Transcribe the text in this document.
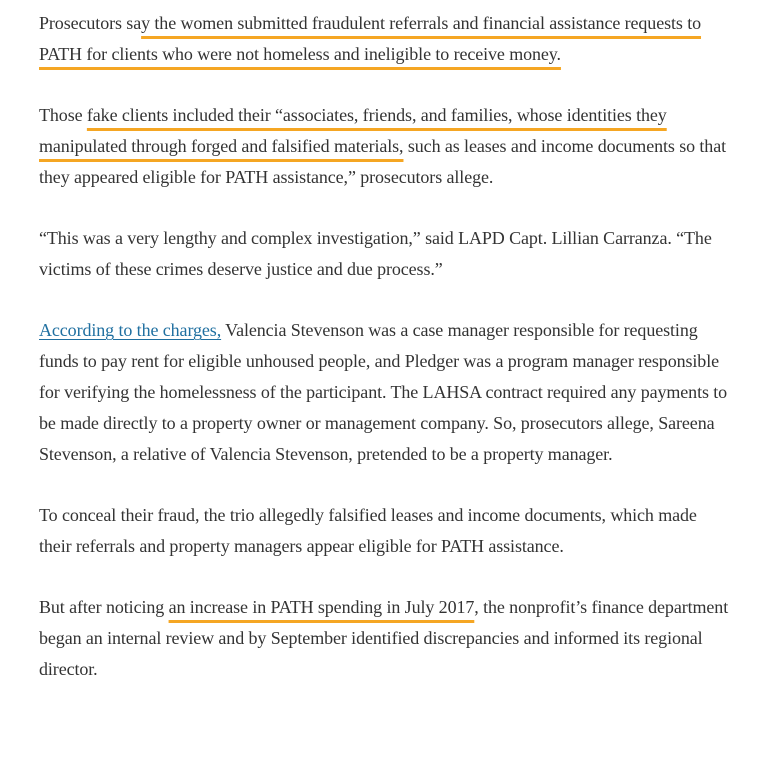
Prosecutors say the women submitted fraudulent referrals and financial assistance requests to PATH for clients who were not homeless and ineligible to receive money.

Those fake clients included their “associates, friends, and families, whose identities they manipulated through forged and falsified materials, such as leases and income documents so that they appeared eligible for PATH assistance,” prosecutors allege.

“This was a very lengthy and complex investigation,” said LAPD Capt. Lillian Carranza. “The victims of these crimes deserve justice and due process.”

According to the charges, Valencia Stevenson was a case manager responsible for requesting funds to pay rent for eligible unhoused people, and Pledger was a program manager responsible for verifying the homelessness of the participant. The LAHSA contract required any payments to be made directly to a property owner or management company. So, prosecutors allege, Sareena Stevenson, a relative of Valencia Stevenson, pretended to be a property manager.

To conceal their fraud, the trio allegedly falsified leases and income documents, which made their referrals and property managers appear eligible for PATH assistance.

But after noticing an increase in PATH spending in July 2017, the nonprofit’s finance department began an internal review and by September identified discrepancies and informed its regional director.
